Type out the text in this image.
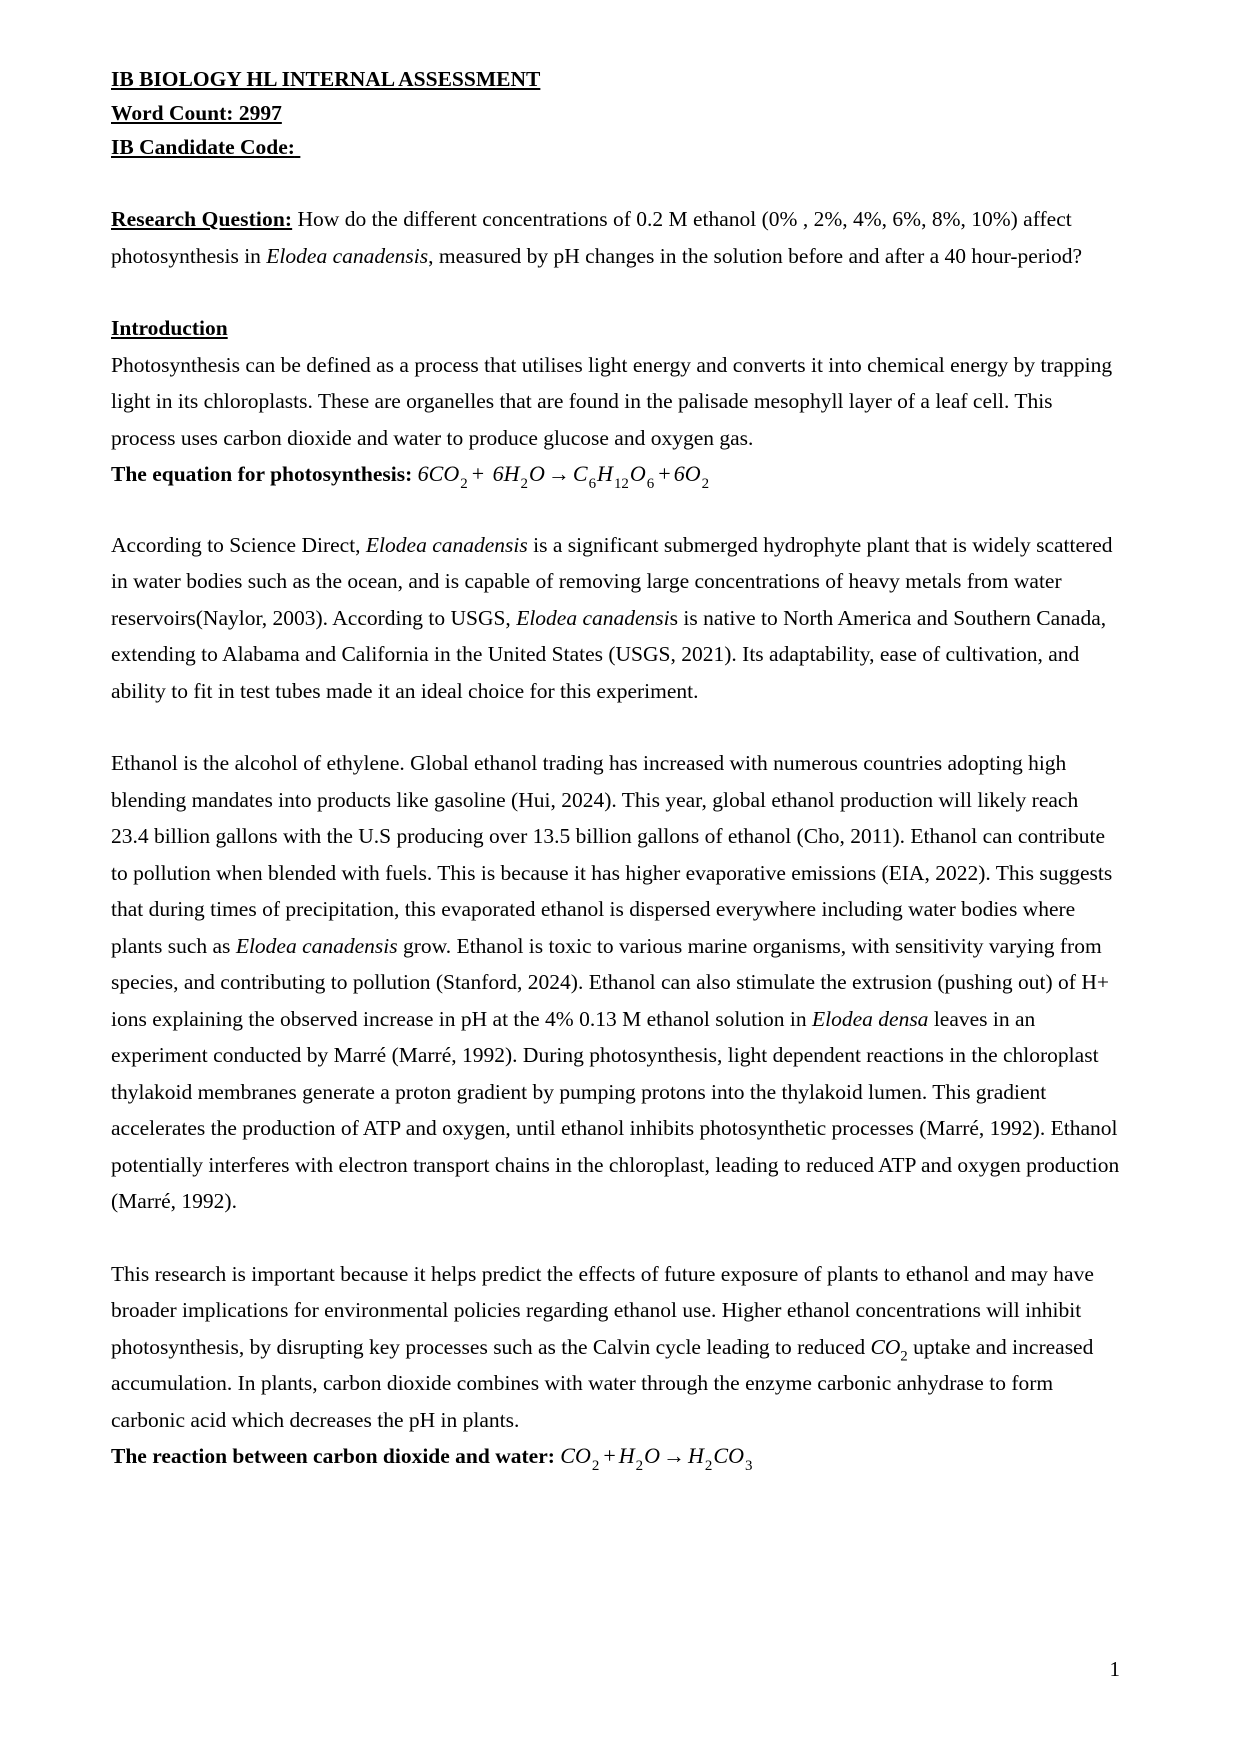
IB BIOLOGY HL INTERNAL ASSESSMENT
Word Count: 2997
IB Candidate Code:

Research Question: How do the different concentrations of 0.2 M ethanol (0% , 2%, 4%, 6%, 8%, 10%) affect photosynthesis in Elodea canadensis, measured by pH changes in the solution before and after a 40 hour-period?

Introduction

Photosynthesis can be defined as a process that utilises light energy and converts it into chemical energy by trapping light in its chloroplasts. These are organelles that are found in the palisade mesophyll layer of a leaf cell. This process uses carbon dioxide and water to produce glucose and oxygen gas.

The equation for photosynthesis: $6CO_2 + 6H_2O \to C_6H_{12}O_6 + 6O_2$

According to Science Direct, Elodea canadensis is a significant submerged hydrophyte plant that is widely scattered in water bodies such as the ocean, and is capable of removing large concentrations of heavy metals from water reservoirs(Naylor, 2003). According to USGS, Elodea canadensis is native to North America and Southern Canada, extending to Alabama and California in the United States (USGS, 2021). Its adaptability, ease of cultivation, and ability to fit in test tubes made it an ideal choice for this experiment.

Ethanol is the alcohol of ethylene. Global ethanol trading has increased with numerous countries adopting high blending mandates into products like gasoline (Hui, 2024). This year, global ethanol production will likely reach 23.4 billion gallons with the U.S producing over 13.5 billion gallons of ethanol (Cho, 2011). Ethanol can contribute to pollution when blended with fuels. This is because it has higher evaporative emissions (EIA, 2022). This suggests that during times of precipitation, this evaporated ethanol is dispersed everywhere including water bodies where plants such as Elodea canadensis grow. Ethanol is toxic to various marine organisms, with sensitivity varying from species, and contributing to pollution (Stanford, 2024). Ethanol can also stimulate the extrusion (pushing out) of H+ ions explaining the observed increase in pH at the 4% 0.13 M ethanol solution in Elodea densa leaves in an experiment conducted by Marré (Marré, 1992). During photosynthesis, light dependent reactions in the chloroplast thylakoid membranes generate a proton gradient by pumping protons into the thylakoid lumen. This gradient accelerates the production of ATP and oxygen, until ethanol inhibits photosynthetic processes (Marré, 1992). Ethanol potentially interferes with electron transport chains in the chloroplast, leading to reduced ATP and oxygen production (Marré, 1992).

This research is important because it helps predict the effects of future exposure of plants to ethanol and may have broader implications for environmental policies regarding ethanol use. Higher ethanol concentrations will inhibit photosynthesis, by disrupting key processes such as the Calvin cycle leading to reduced $CO_2$ uptake and increased accumulation. In plants, carbon dioxide combines with water through the enzyme carbonic anhydrase to form carbonic acid which decreases the pH in plants.

The reaction between carbon dioxide and water: $CO_2 + H_2O \to H_2CO_3$

1
